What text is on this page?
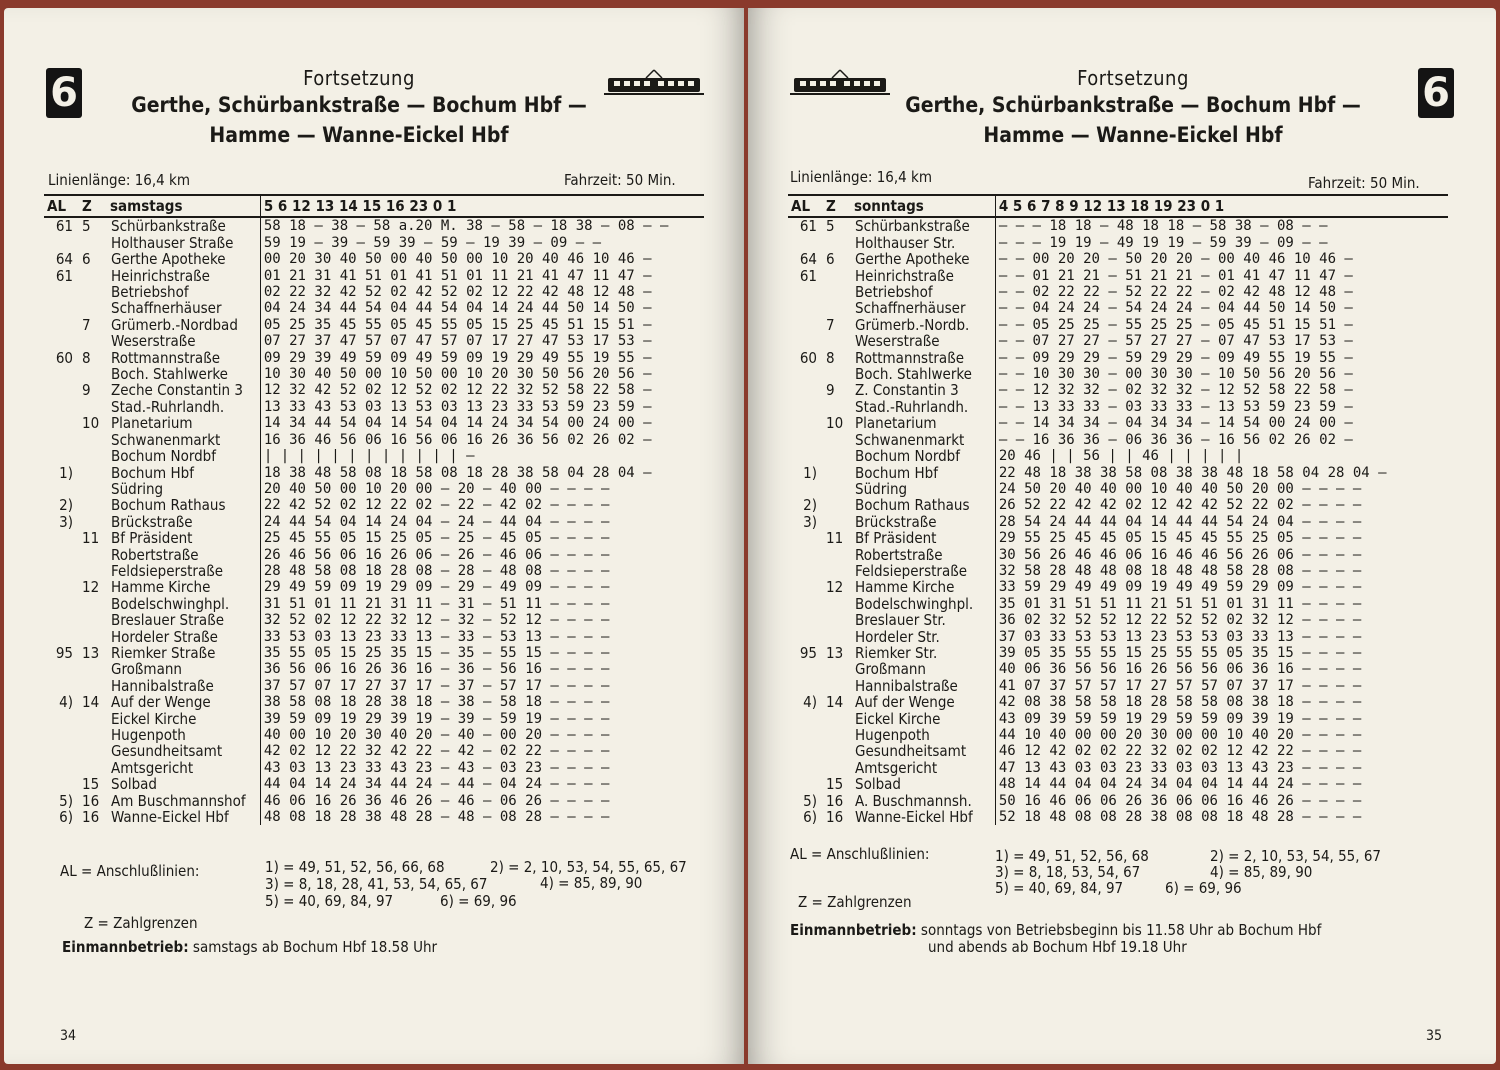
6	Fortsetzung
Gerthe, Schürbankstraße — Bochum Hbf —
Hamme — Wanne-Eickel Hbf
Linienlänge: 16,4 km	Fahrzeit: 50 Min.
AL	Z	samstags	5 6 12 13 14 15 16 23 0 1
61	5	Schürbankstraße	58 18 — 38 — 58 a.20 M. 38 — 58 — 18 38 — 08 — —
		Holthauser Straße	59 19 — 39 — 59 39 — 59 — 19 39 — 09 — —
64	6	Gerthe Apotheke	00 20 30 40 50 00 40 50 00 10 20 40 46 10 46 —
61		Heinrichstraße	01 21 31 41 51 01 41 51 01 11 21 41 47 11 47 —
		Betriebshof	02 22 32 42 52 02 42 52 02 12 22 42 48 12 48 —
		Schaffnerhäuser	04 24 34 44 54 04 44 54 04 14 24 44 50 14 50 —
	7	Grümerb.-Nordbad	05 25 35 45 55 05 45 55 05 15 25 45 51 15 51 —
		Weserstraße	07 27 37 47 57 07 47 57 07 17 27 47 53 17 53 —
60	8	Rottmannstraße	09 29 39 49 59 09 49 59 09 19 29 49 55 19 55 —
		Boch. Stahlwerke	10 30 40 50 00 10 50 00 10 20 30 50 56 20 56 —
	9	Zeche Constantin 3	12 32 42 52 02 12 52 02 12 22 32 52 58 22 58 —
		Stad.-Ruhrlandh.	13 33 43 53 03 13 53 03 13 23 33 53 59 23 59 —
	10	Planetarium	14 34 44 54 04 14 54 04 14 24 34 54 00 24 00 —
		Schwanenmarkt	16 36 46 56 06 16 56 06 16 26 36 56 02 26 02 —
		Bochum Nordbf	| | | | | | | | | | | | —
1)		Bochum Hbf	18 38 48 58 08 18 58 08 18 28 38 58 04 28 04 —
		Südring	20 40 50 00 10 20 00 — 20 — 40 00 — — — —
2)		Bochum Rathaus	22 42 52 02 12 22 02 — 22 — 42 02 — — — —
3)		Brückstraße	24 44 54 04 14 24 04 — 24 — 44 04 — — — —
	11	Bf Präsident	25 45 55 05 15 25 05 — 25 — 45 05 — — — —
		Robertstraße	26 46 56 06 16 26 06 — 26 — 46 06 — — — —
		Feldsieperstraße	28 48 58 08 18 28 08 — 28 — 48 08 — — — —
	12	Hamme Kirche	29 49 59 09 19 29 09 — 29 — 49 09 — — — —
		Bodelschwinghpl.	31 51 01 11 21 31 11 — 31 — 51 11 — — — —
		Breslauer Straße	32 52 02 12 22 32 12 — 32 — 52 12 — — — —
		Hordeler Straße	33 53 03 13 23 33 13 — 33 — 53 13 — — — —
95	13	Riemker Straße	35 55 05 15 25 35 15 — 35 — 55 15 — — — —
		Großmann	36 56 06 16 26 36 16 — 36 — 56 16 — — — —
		Hannibalstraße	37 57 07 17 27 37 17 — 37 — 57 17 — — — —
4)	14	Auf der Wenge	38 58 08 18 28 38 18 — 38 — 58 18 — — — —
		Eickel Kirche	39 59 09 19 29 39 19 — 39 — 59 19 — — — —
		Hugenpoth	40 00 10 20 30 40 20 — 40 — 00 20 — — — —
		Gesundheitsamt	42 02 12 22 32 42 22 — 42 — 02 22 — — — —
		Amtsgericht	43 03 13 23 33 43 23 — 43 — 03 23 — — — —
	15	Solbad	44 04 14 24 34 44 24 — 44 — 04 24 — — — —
5)	16	Am Buschmannshof	46 06 16 26 36 46 26 — 46 — 06 26 — — — —
6)	16	Wanne-Eickel Hbf	48 08 18 28 38 48 28 — 48 — 08 28 — — — —
AL = Anschlußlinien:	1) = 49, 51, 52, 56, 66, 68	2) = 2, 10, 53, 54, 55, 65, 67
3) = 8, 18, 28, 41, 53, 54, 65, 67	4) = 85, 89, 90
5) = 40, 69, 84, 97	6) = 69, 96
Z = Zahlgrenzen
Einmannbetrieb: samstags ab Bochum Hbf 18.58 Uhr
34
6
Fortsetzung
Gerthe, Schürbankstraße — Bochum Hbf —
Hamme — Wanne-Eickel Hbf
Linienlänge: 16,4 km	Fahrzeit: 50 Min.
AL	Z	sonntags	4 5 6 7 8 9 12 13 18 19 23 0 1
61	5	Schürbankstraße	— — — 18 18 — 48 18 18 — 58 38 — 08 — —
		Holthauser Str.	— — — 19 19 — 49 19 19 — 59 39 — 09 — —
64	6	Gerthe Apotheke	— — 00 20 20 — 50 20 20 — 00 40 46 10 46 —
61		Heinrichstraße	— — 01 21 21 — 51 21 21 — 01 41 47 11 47 —
		Betriebshof	— — 02 22 22 — 52 22 22 — 02 42 48 12 48 —
		Schaffnerhäuser	— — 04 24 24 — 54 24 24 — 04 44 50 14 50 —
	7	Grümerb.-Nordb.	— — 05 25 25 — 55 25 25 — 05 45 51 15 51 —
		Weserstraße	— — 07 27 27 — 57 27 27 — 07 47 53 17 53 —
60	8	Rottmannstraße	— — 09 29 29 — 59 29 29 — 09 49 55 19 55 —
		Boch. Stahlwerke	— — 10 30 30 — 00 30 30 — 10 50 56 20 56 —
	9	Z. Constantin 3	— — 12 32 32 — 02 32 32 — 12 52 58 22 58 —
		Stad.-Ruhrlandh.	— — 13 33 33 — 03 33 33 — 13 53 59 23 59 —
	10	Planetarium	— — 14 34 34 — 04 34 34 — 14 54 00 24 00 —
		Schwanenmarkt	— — 16 36 36 — 06 36 36 — 16 56 02 26 02 —
		Bochum Nordbf	20 46 | | 56 | | 46 | | | | |
1)		Bochum Hbf	22 48 18 38 38 58 08 38 38 48 18 58 04 28 04 —
		Südring	24 50 20 40 40 00 10 40 40 50 20 00 — — — —
2)		Bochum Rathaus	26 52 22 42 42 02 12 42 42 52 22 02 — — — —
3)		Brückstraße	28 54 24 44 44 04 14 44 44 54 24 04 — — — —
	11	Bf Präsident	29 55 25 45 45 05 15 45 45 55 25 05 — — — —
		Robertstraße	30 56 26 46 46 06 16 46 46 56 26 06 — — — —
		Feldsieperstraße	32 58 28 48 48 08 18 48 48 58 28 08 — — — —
	12	Hamme Kirche	33 59 29 49 49 09 19 49 49 59 29 09 — — — —
		Bodelschwinghpl.	35 01 31 51 51 11 21 51 51 01 31 11 — — — —
		Breslauer Str.	36 02 32 52 52 12 22 52 52 02 32 12 — — — —
		Hordeler Str.	37 03 33 53 53 13 23 53 53 03 33 13 — — — —
95	13	Riemker Str.	39 05 35 55 55 15 25 55 55 05 35 15 — — — —
		Großmann	40 06 36 56 56 16 26 56 56 06 36 16 — — — —
		Hannibalstraße	41 07 37 57 57 17 27 57 57 07 37 17 — — — —
4)	14	Auf der Wenge	42 08 38 58 58 18 28 58 58 08 38 18 — — — —
		Eickel Kirche	43 09 39 59 59 19 29 59 59 09 39 19 — — — —
		Hugenpoth	44 10 40 00 00 20 30 00 00 10 40 20 — — — —
		Gesundheitsamt	46 12 42 02 02 22 32 02 02 12 42 22 — — — —
		Amtsgericht	47 13 43 03 03 23 33 03 03 13 43 23 — — — —
	15	Solbad	48 14 44 04 04 24 34 04 04 14 44 24 — — — —
5)	16	A. Buschmannsh.	50 16 46 06 06 26 36 06 06 16 46 26 — — — —
6)	16	Wanne-Eickel Hbf	52 18 48 08 08 28 38 08 08 18 48 28 — — — —
AL = Anschlußlinien:	1) = 49, 51, 52, 56, 68	2) = 2, 10, 53, 54, 55, 67
3) = 8, 18, 53, 54, 67	4) = 85, 89, 90
5) = 40, 69, 84, 97	6) = 69, 96
Z = Zahlgrenzen
Einmannbetrieb: sonntags von Betriebsbeginn bis 11.58 Uhr ab Bochum Hbf
und abends ab Bochum Hbf 19.18 Uhr
35
